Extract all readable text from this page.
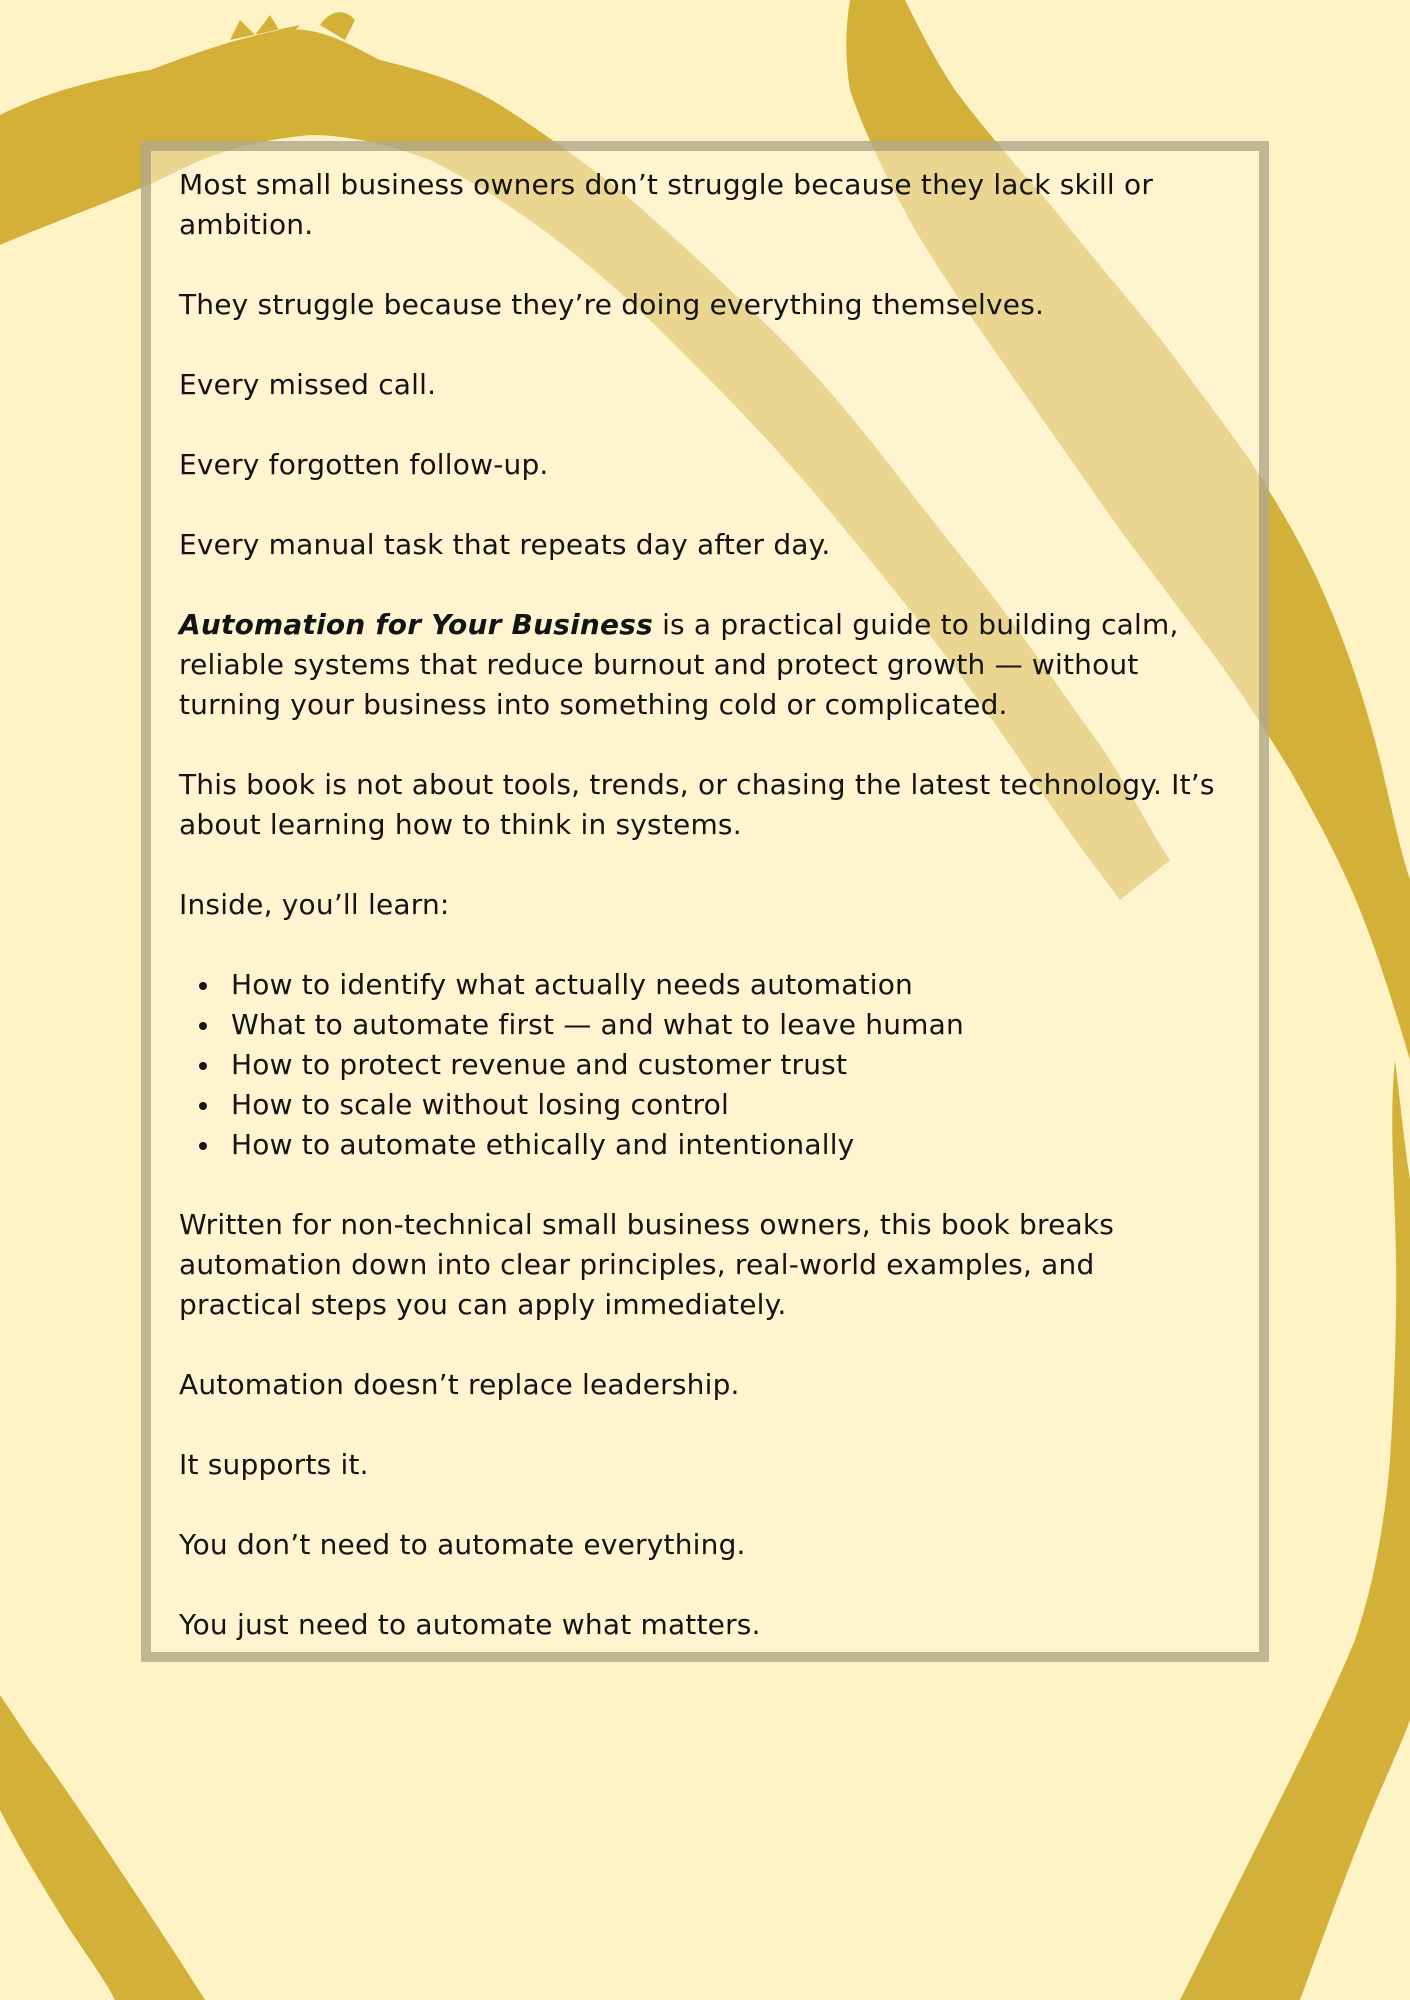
Most small business owners don’t struggle because they lack skill or ambition.

They struggle because they’re doing everything themselves.

Every missed call.

Every forgotten follow-up.

Every manual task that repeats day after day.

Automation for Your Business is a practical guide to building calm, reliable systems that reduce burnout and protect growth — without turning your business into something cold or complicated.

This book is not about tools, trends, or chasing the latest technology. It’s about learning how to think in systems.

Inside, you’ll learn:

How to identify what actually needs automation
What to automate first — and what to leave human
How to protect revenue and customer trust
How to scale without losing control
How to automate ethically and intentionally

Written for non-technical small business owners, this book breaks automation down into clear principles, real-world examples, and practical steps you can apply immediately.

Automation doesn’t replace leadership.

It supports it.

You don’t need to automate everything.

You just need to automate what matters.
